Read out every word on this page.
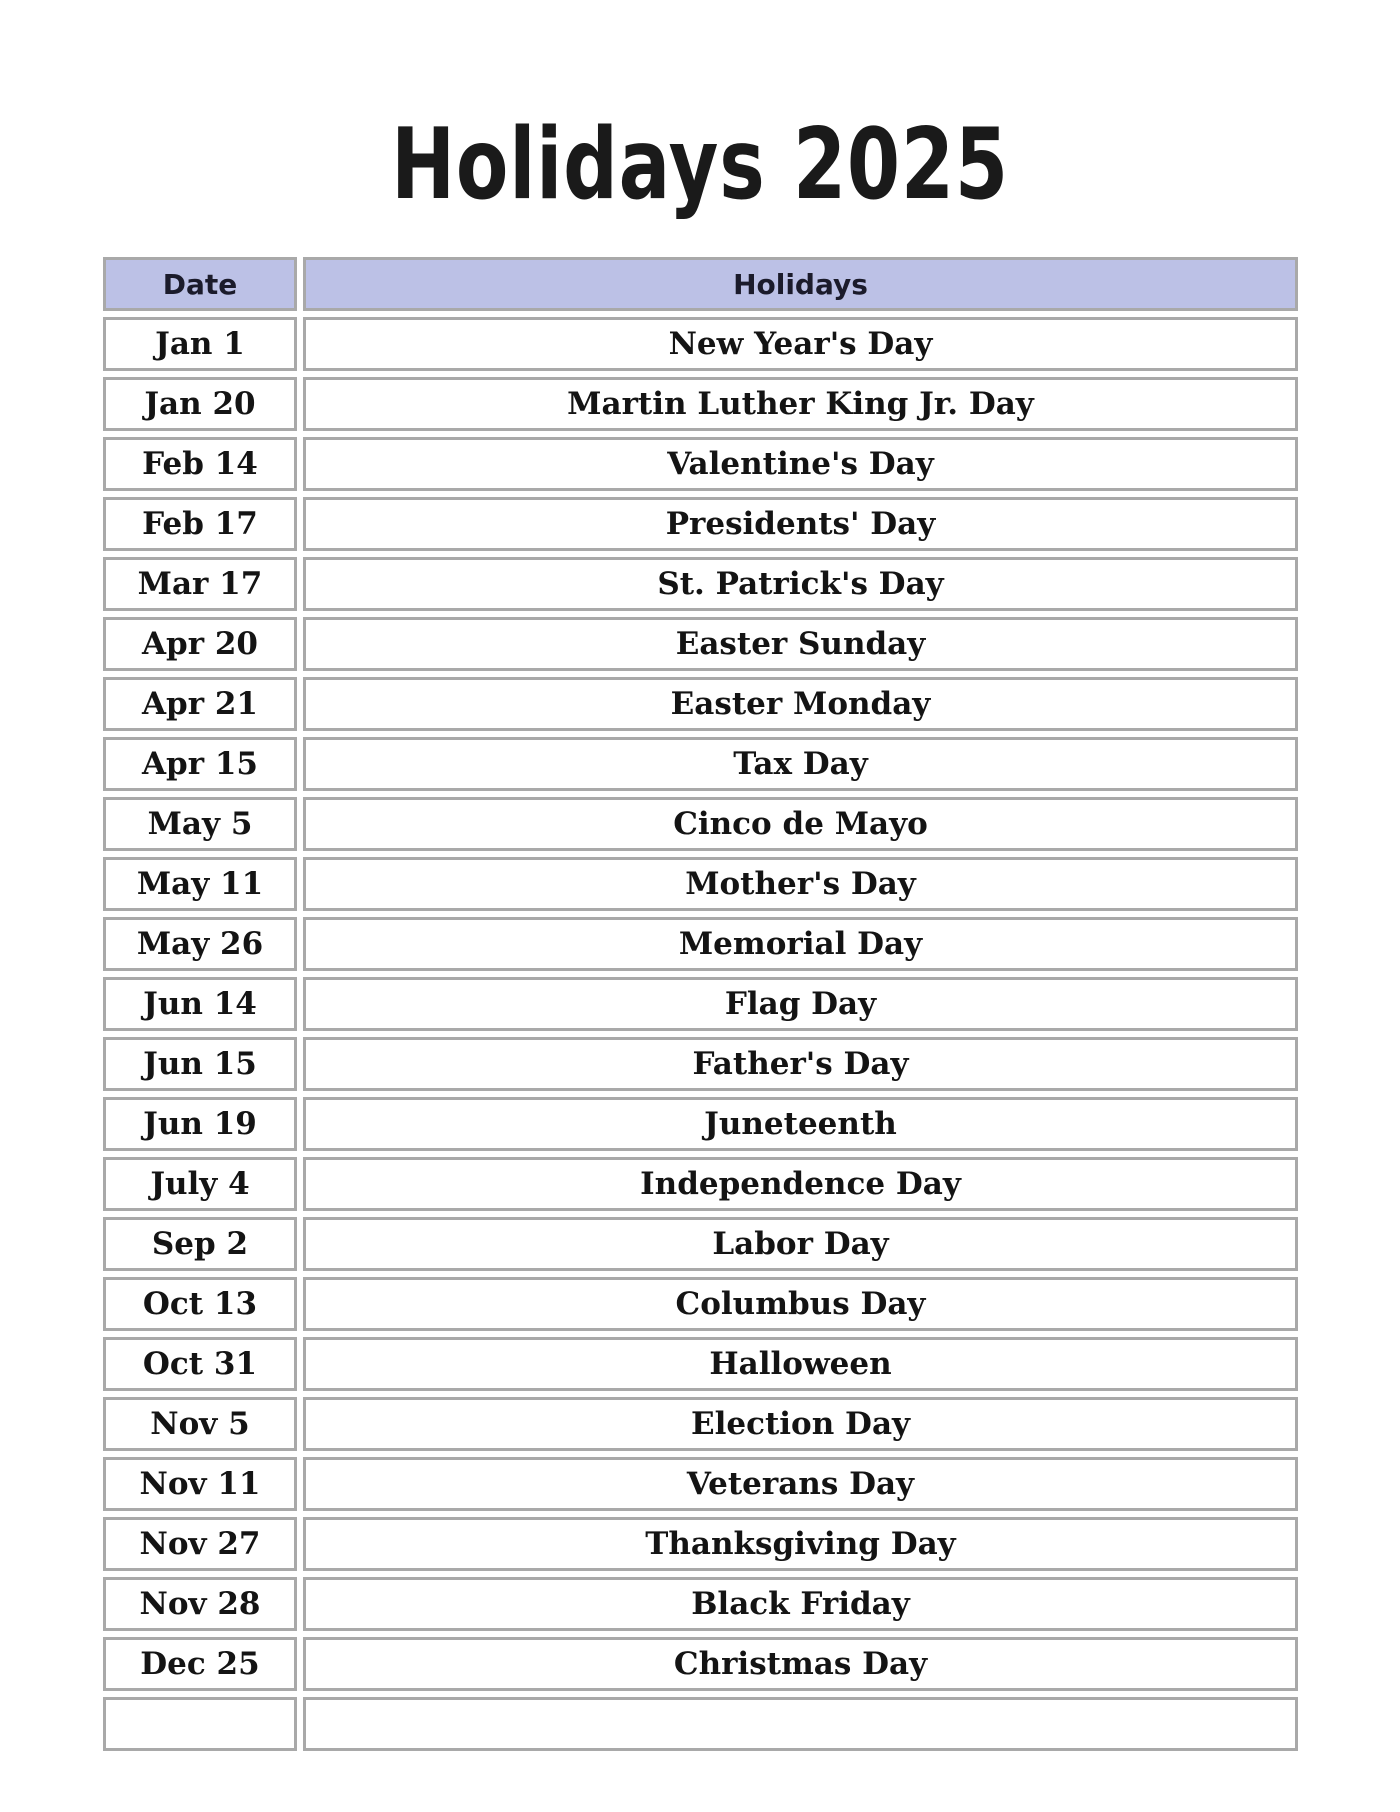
Holidays 2025
Date	Holidays
Jan 1	New Year's Day
Jan 20	Martin Luther King Jr. Day
Feb 14	Valentine's Day
Feb 17	Presidents' Day
Mar 17	St. Patrick's Day
Apr 20	Easter Sunday
Apr 21	Easter Monday
Apr 15	Tax Day
May 5	Cinco de Mayo
May 11	Mother's Day
May 26	Memorial Day
Jun 14	Flag Day
Jun 15	Father's Day
Jun 19	Juneteenth
July 4	Independence Day
Sep 2	Labor Day
Oct 13	Columbus Day
Oct 31	Halloween
Nov 5	Election Day
Nov 11	Veterans Day
Nov 27	Thanksgiving Day
Nov 28	Black Friday
Dec 25	Christmas Day
